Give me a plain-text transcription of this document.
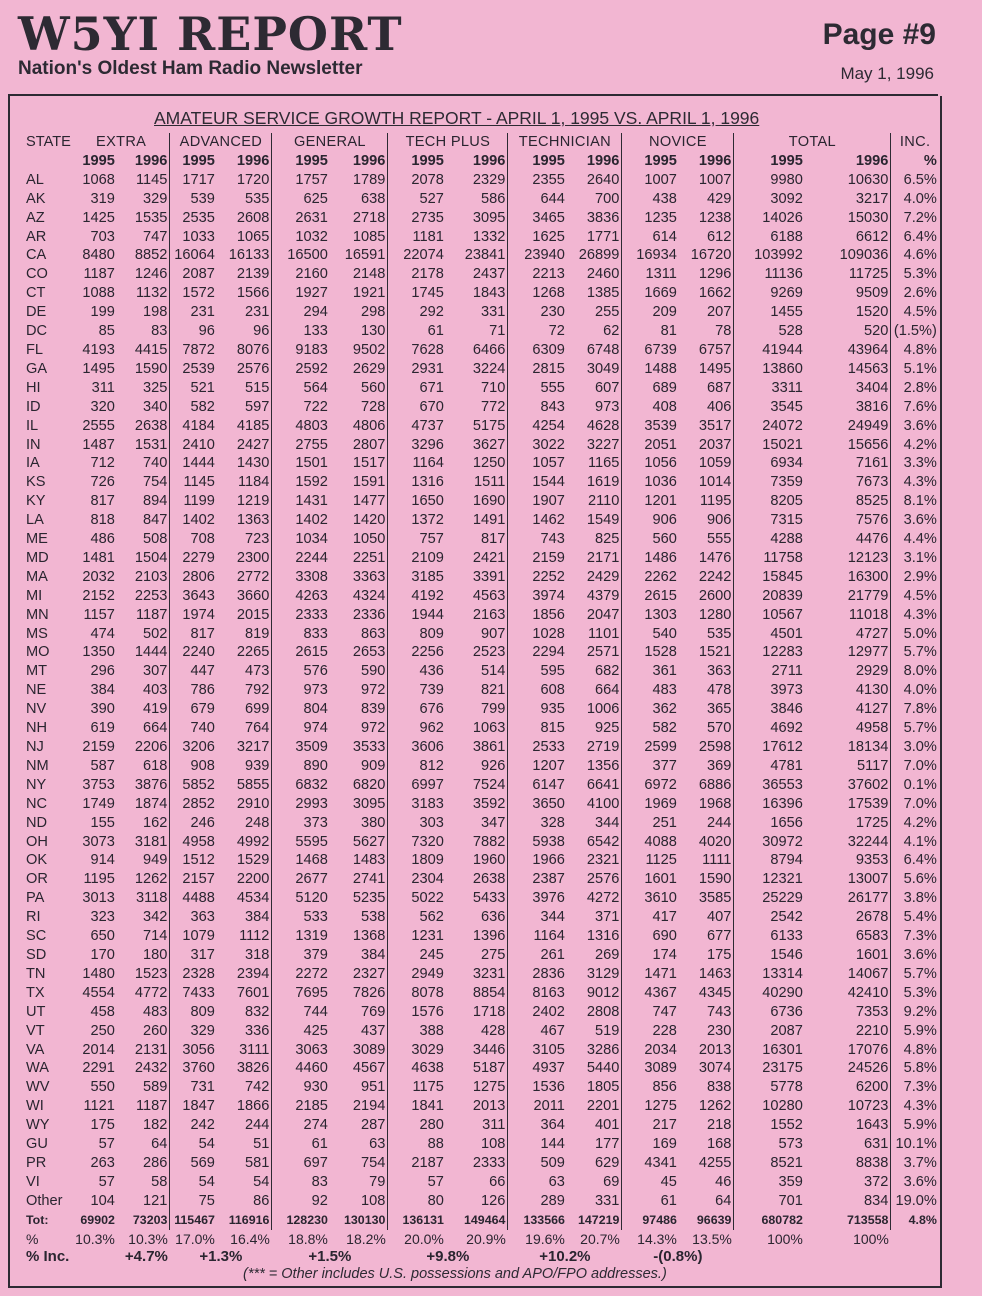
W5YI REPORT
Nation's Oldest Ham Radio Newsletter
Page #9
May 1, 1996
AMATEUR SERVICE GROWTH REPORT - APRIL 1, 1995 VS. APRIL 1, 1996
STATE	EXTRA		ADVANCED		GENERAL		TECH PLUS		TECHNICIAN		NOVICE		TOTAL		INC.
	1995	1996	1995	1996	1995	1996	1995	1996	1995	1996	1995	1996	1995	1996	%
AL	1068	1145	1717	1720	1757	1789	2078	2329	2355	2640	1007	1007	9980	10630	6.5%
AK	319	329	539	535	625	638	527	586	644	700	438	429	3092	3217	4.0%
AZ	1425	1535	2535	2608	2631	2718	2735	3095	3465	3836	1235	1238	14026	15030	7.2%
AR	703	747	1033	1065	1032	1085	1181	1332	1625	1771	614	612	6188	6612	6.4%
CA	8480	8852	16064	16133	16500	16591	22074	23841	23940	26899	16934	16720	103992	109036	4.6%
CO	1187	1246	2087	2139	2160	2148	2178	2437	2213	2460	1311	1296	11136	11725	5.3%
CT	1088	1132	1572	1566	1927	1921	1745	1843	1268	1385	1669	1662	9269	9509	2.6%
DE	199	198	231	231	294	298	292	331	230	255	209	207	1455	1520	4.5%
DC	85	83	96	96	133	130	61	71	72	62	81	78	528	520	(1.5%)
FL	4193	4415	7872	8076	9183	9502	7628	6466	6309	6748	6739	6757	41944	43964	4.8%
GA	1495	1590	2539	2576	2592	2629	2931	3224	2815	3049	1488	1495	13860	14563	5.1%
HI	311	325	521	515	564	560	671	710	555	607	689	687	3311	3404	2.8%
ID	320	340	582	597	722	728	670	772	843	973	408	406	3545	3816	7.6%
IL	2555	2638	4184	4185	4803	4806	4737	5175	4254	4628	3539	3517	24072	24949	3.6%
IN	1487	1531	2410	2427	2755	2807	3296	3627	3022	3227	2051	2037	15021	15656	4.2%
IA	712	740	1444	1430	1501	1517	1164	1250	1057	1165	1056	1059	6934	7161	3.3%
KS	726	754	1145	1184	1592	1591	1316	1511	1544	1619	1036	1014	7359	7673	4.3%
KY	817	894	1199	1219	1431	1477	1650	1690	1907	2110	1201	1195	8205	8525	8.1%
LA	818	847	1402	1363	1402	1420	1372	1491	1462	1549	906	906	7315	7576	3.6%
ME	486	508	708	723	1034	1050	757	817	743	825	560	555	4288	4476	4.4%
MD	1481	1504	2279	2300	2244	2251	2109	2421	2159	2171	1486	1476	11758	12123	3.1%
MA	2032	2103	2806	2772	3308	3363	3185	3391	2252	2429	2262	2242	15845	16300	2.9%
MI	2152	2253	3643	3660	4263	4324	4192	4563	3974	4379	2615	2600	20839	21779	4.5%
MN	1157	1187	1974	2015	2333	2336	1944	2163	1856	2047	1303	1280	10567	11018	4.3%
MS	474	502	817	819	833	863	809	907	1028	1101	540	535	4501	4727	5.0%
MO	1350	1444	2240	2265	2615	2653	2256	2523	2294	2571	1528	1521	12283	12977	5.7%
MT	296	307	447	473	576	590	436	514	595	682	361	363	2711	2929	8.0%
NE	384	403	786	792	973	972	739	821	608	664	483	478	3973	4130	4.0%
NV	390	419	679	699	804	839	676	799	935	1006	362	365	3846	4127	7.8%
NH	619	664	740	764	974	972	962	1063	815	925	582	570	4692	4958	5.7%
NJ	2159	2206	3206	3217	3509	3533	3606	3861	2533	2719	2599	2598	17612	18134	3.0%
NM	587	618	908	939	890	909	812	926	1207	1356	377	369	4781	5117	7.0%
NY	3753	3876	5852	5855	6832	6820	6997	7524	6147	6641	6972	6886	36553	37602	0.1%
NC	1749	1874	2852	2910	2993	3095	3183	3592	3650	4100	1969	1968	16396	17539	7.0%
ND	155	162	246	248	373	380	303	347	328	344	251	244	1656	1725	4.2%
OH	3073	3181	4958	4992	5595	5627	7320	7882	5938	6542	4088	4020	30972	32244	4.1%
OK	914	949	1512	1529	1468	1483	1809	1960	1966	2321	1125	1111	8794	9353	6.4%
OR	1195	1262	2157	2200	2677	2741	2304	2638	2387	2576	1601	1590	12321	13007	5.6%
PA	3013	3118	4488	4534	5120	5235	5022	5433	3976	4272	3610	3585	25229	26177	3.8%
RI	323	342	363	384	533	538	562	636	344	371	417	407	2542	2678	5.4%
SC	650	714	1079	1112	1319	1368	1231	1396	1164	1316	690	677	6133	6583	7.3%
SD	170	180	317	318	379	384	245	275	261	269	174	175	1546	1601	3.6%
TN	1480	1523	2328	2394	2272	2327	2949	3231	2836	3129	1471	1463	13314	14067	5.7%
TX	4554	4772	7433	7601	7695	7826	8078	8854	8163	9012	4367	4345	40290	42410	5.3%
UT	458	483	809	832	744	769	1576	1718	2402	2808	747	743	6736	7353	9.2%
VT	250	260	329	336	425	437	388	428	467	519	228	230	2087	2210	5.9%
VA	2014	2131	3056	3111	3063	3089	3029	3446	3105	3286	2034	2013	16301	17076	4.8%
WA	2291	2432	3760	3826	4460	4567	4638	5187	4937	5440	3089	3074	23175	24526	5.8%
WV	550	589	731	742	930	951	1175	1275	1536	1805	856	838	5778	6200	7.3%
WI	1121	1187	1847	1866	2185	2194	1841	2013	2011	2201	1275	1262	10280	10723	4.3%
WY	175	182	242	244	274	287	280	311	364	401	217	218	1552	1643	5.9%
GU	57	64	54	51	61	63	88	108	144	177	169	168	573	631	10.1%
PR	263	286	569	581	697	754	2187	2333	509	629	4341	4255	8521	8838	3.7%
VI	57	58	54	54	83	79	57	66	63	69	45	46	359	372	3.6%
Other	104	121	75	86	92	108	80	126	289	331	61	64	701	834	19.0%
Tot:	69902	73203	115467	116916	128230	130130	136131	149464	133566	147219	97486	96639	680782	713558	4.8%
%	10.3%	10.3%	17.0%	16.4%	18.8%	18.2%	20.0%	20.9%	19.6%	20.7%	14.3%	13.5%	100%	100%	
% Inc.		+4.7%	+1.3%		+1.5%		+9.8%		+10.2%		-(0.8%)				
(*** = Other includes U.S. possessions and APO/FPO addresses.)
